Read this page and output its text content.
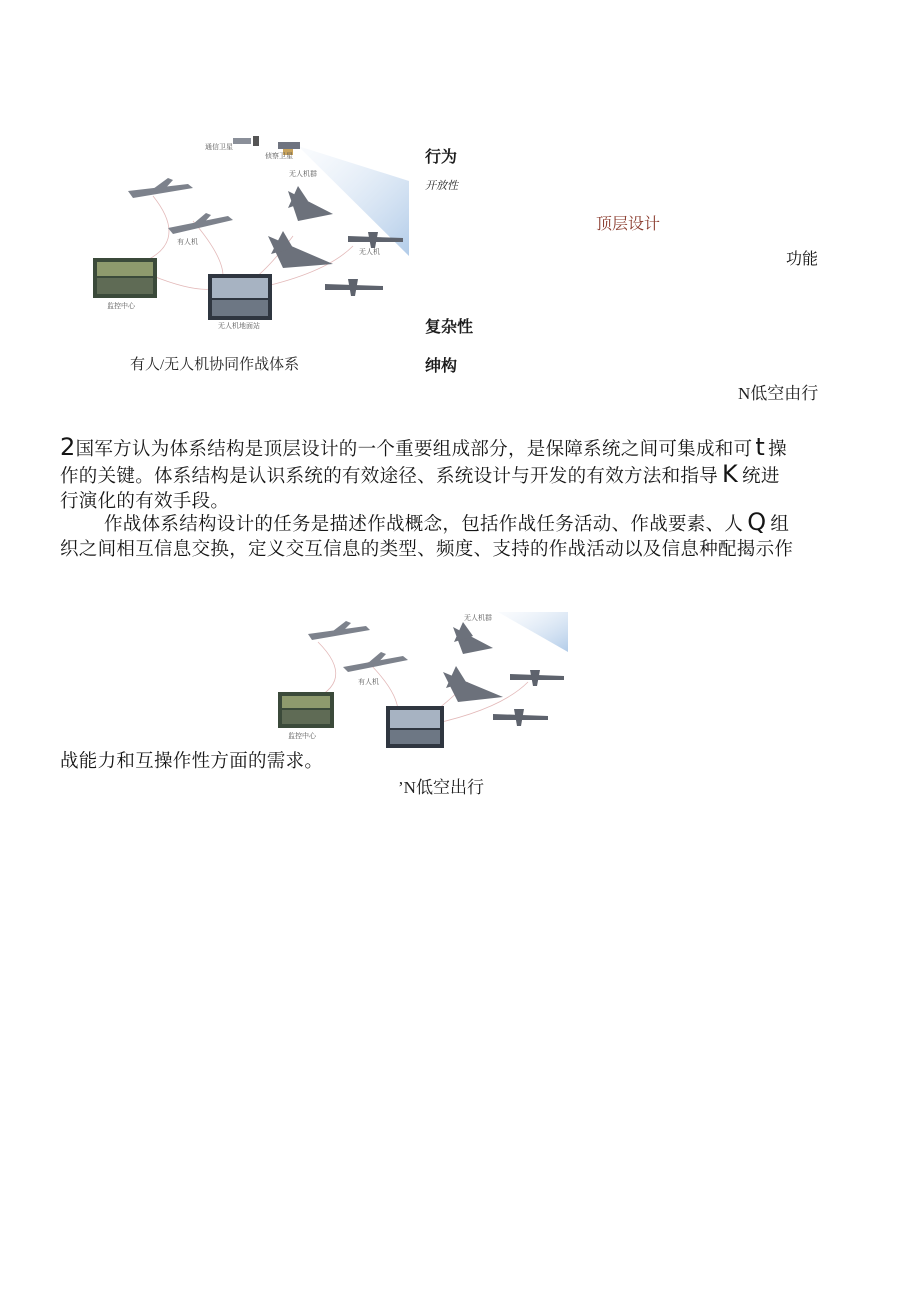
通信卫星
侦察卫星
无人机群
有人机
无人机
监控中心
无人机地面站
有人/无人机协同作战体系
行为
开放性
顶层设计
功能
复杂性
绅构
N低空由行
2国军方认为体系结构是顶层设计的一个重要组成部分，是保障系统之间可集成和可 t 操
作的关键。体系结构是认识系统的有效途径、系统设计与开发的有效方法和指导 K 统进
行演化的有效手段。
作战体系结构设计的任务是描述作战概念，包括作战任务活动、作战要素、人 Q 组
织之间相互信息交换，定义交互信息的类型、频度、支持的作战活动以及信息种配揭示作
无人机群
有人机
监控中心
战能力和互操作性方面的需求。
’N低空出行
